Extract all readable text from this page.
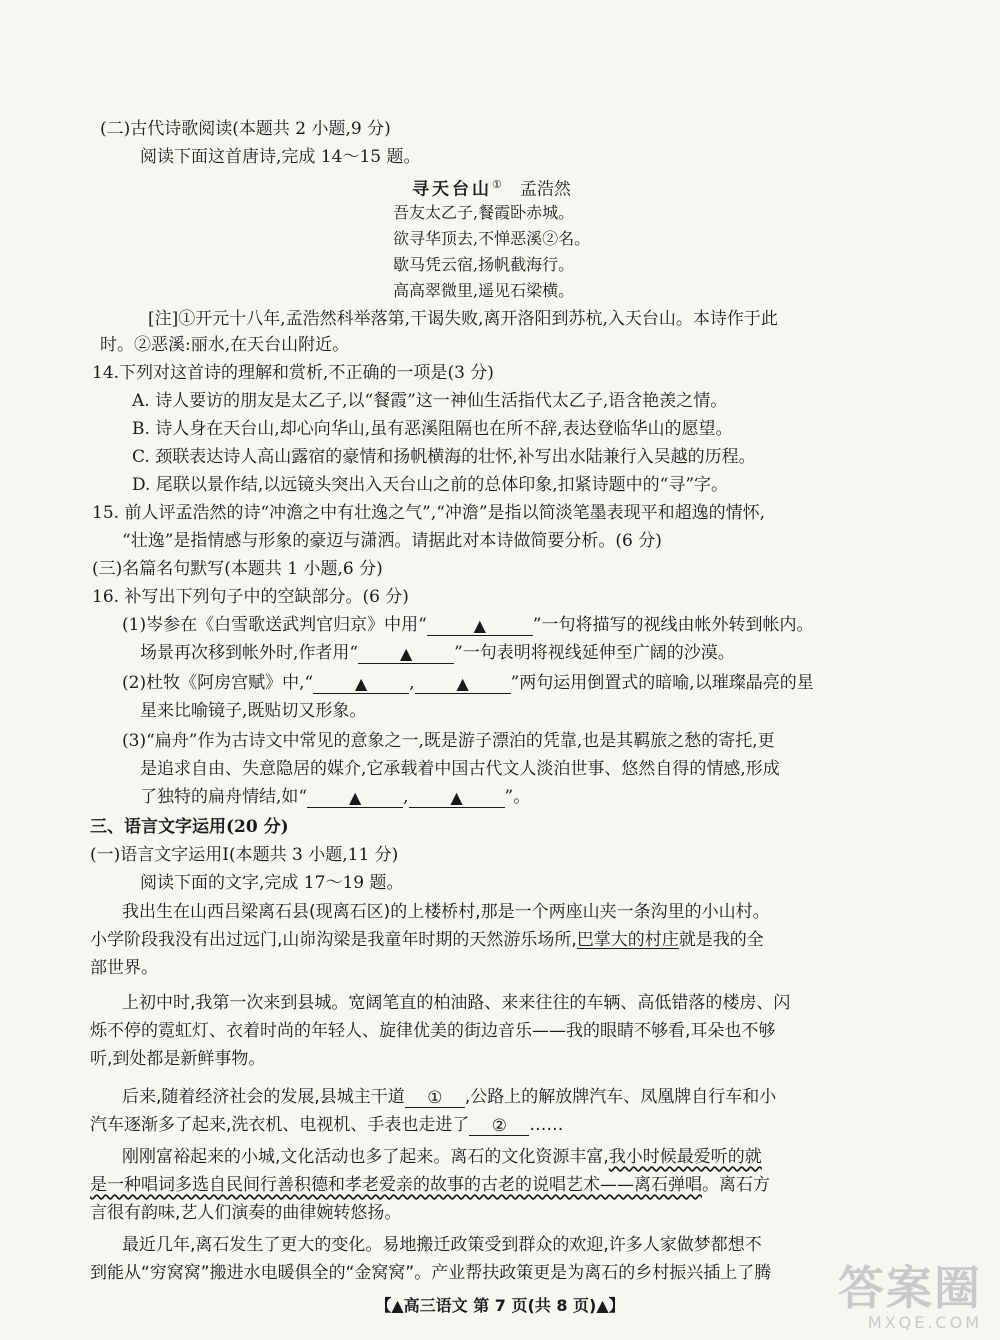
(二)古代诗歌阅读(本题共 2 小题,9 分)
阅读下面这首唐诗,完成 14～15 题。
寻天台山① 孟浩然
吾友太乙子,餐霞卧赤城。
欲寻华顶去,不惮恶溪②名。
歇马凭云宿,扬帆截海行。
高高翠微里,遥见石梁横。
[注]①开元十八年,孟浩然科举落第,干谒失败,离开洛阳到苏杭,入天台山。本诗作于此
时。②恶溪:丽水,在天台山附近。
14.下列对这首诗的理解和赏析,不正确的一项是(3 分)
A. 诗人要访的朋友是太乙子,以“餐霞”这一神仙生活指代太乙子,语含艳羡之情。
B. 诗人身在天台山,却心向华山,虽有恶溪阻隔也在所不辞,表达登临华山的愿望。
C. 颈联表达诗人高山露宿的豪情和扬帆横海的壮怀,补写出水陆兼行入吴越的历程。
D. 尾联以景作结,以远镜头突出入天台山之前的总体印象,扣紧诗题中的“寻”字。
15. 前人评孟浩然的诗“冲澹之中有壮逸之气”,“冲澹”是指以简淡笔墨表现平和超逸的情怀,
“壮逸”是指情感与形象的豪迈与潇洒。请据此对本诗做简要分析。(6 分)
(三)名篇名句默写(本题共 1 小题,6 分)
16. 补写出下列句子中的空缺部分。(6 分)
(1)岑参在《白雪歌送武判官归京》中用“	▲	”一句将描写的视线由帐外转到帐内。
场景再次移到帐外时,作者用“	▲ ”一句表明将视线延伸至广阔的沙漠。
(2)杜牧《阿房宫赋》中,“	▲ ,	▲ ”两句运用倒置式的暗喻,以璀璨晶亮的星
星来比喻镜子,既贴切又形象。
(3)“扁舟”作为古诗文中常见的意象之一,既是游子漂泊的凭靠,也是其羁旅之愁的寄托,更
是追求自由、失意隐居的媒介,它承载着中国古代文人淡泊世事、悠然自得的情感,形成
了独特的扁舟情结,如“	▲ ,	▲ ”。
三、语言文字运用(20 分)
(一)语言文字运用Ⅰ(本题共 3 小题,11 分)
阅读下面的文字,完成 17～19 题。
我出生在山西吕梁离石县(现离石区)的上楼桥村,那是一个两座山夹一条沟里的小山村。
小学阶段我没有出过远门,山峁沟梁是我童年时期的天然游乐场所,巴掌大的村庄就是我的全
部世界。
上初中时,我第一次来到县城。宽阔笔直的柏油路、来来往往的车辆、高低错落的楼房、闪
烁不停的霓虹灯、衣着时尚的年轻人、旋律优美的街边音乐——我的眼睛不够看,耳朵也不够
听,到处都是新鲜事物。
后来,随着经济社会的发展,县城主干道 ① ,公路上的解放牌汽车、凤凰牌自行车和小
汽车逐渐多了起来,洗衣机、电视机、手表也走进了 ② ……
刚刚富裕起来的小城,文化活动也多了起来。离石的文化资源丰富,我小时候最爱听的就
是一种唱词多选自民间行善积德和孝老爱亲的故事的古老的说唱艺术——离石弹唱。离石方
言很有韵味,艺人们演奏的曲律婉转悠扬。
最近几年,离石发生了更大的变化。易地搬迁政策受到群众的欢迎,许多人家做梦都想不
到能从“穷窝窝”搬进水电暖俱全的“金窝窝”。产业帮扶政策更是为离石的乡村振兴插上了腾
【▲高三语文 第 7 页(共 8 页)▲】	答案圈
MXQE.COM
